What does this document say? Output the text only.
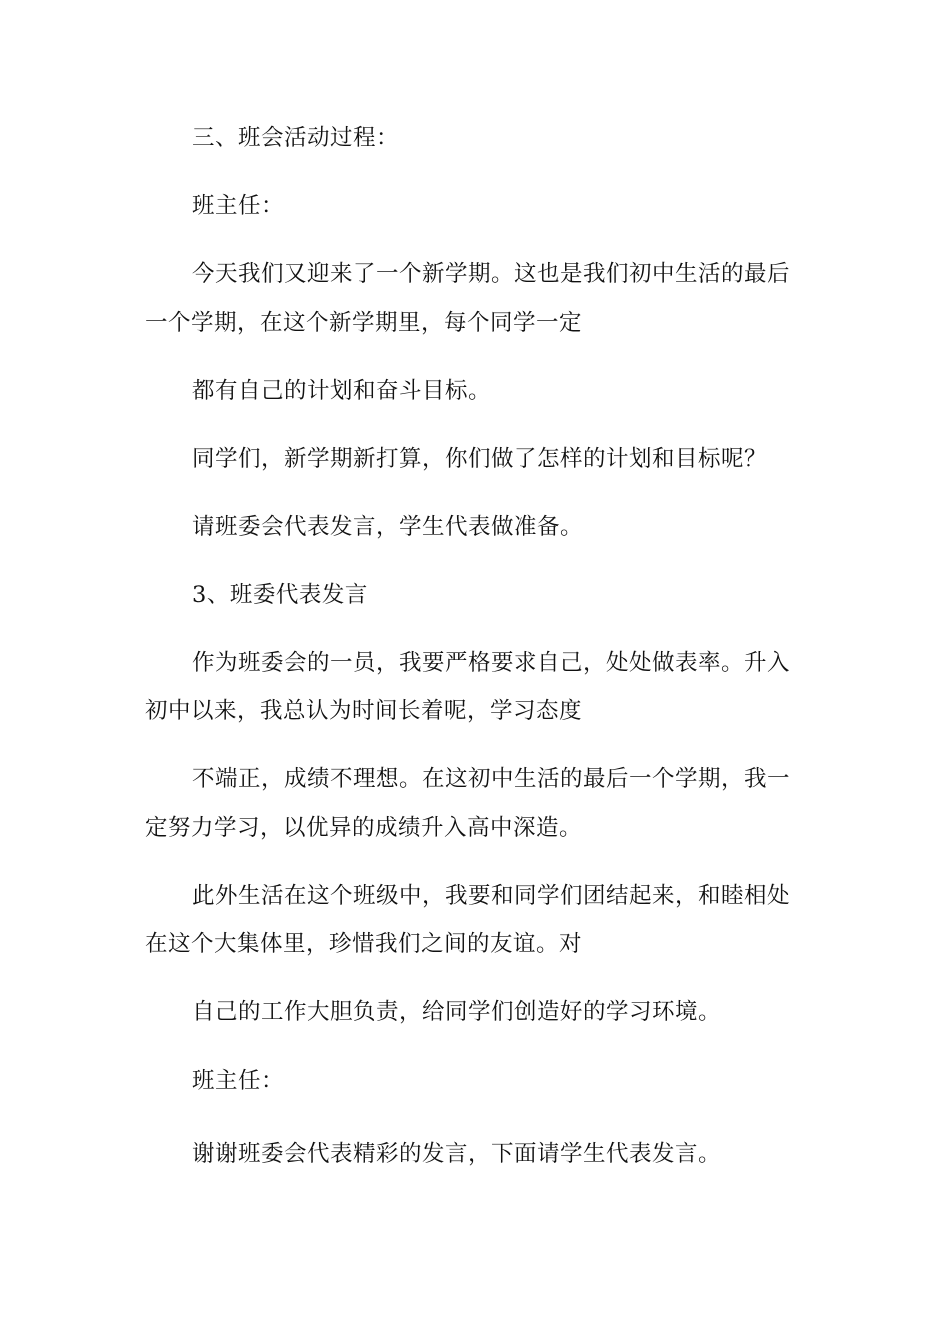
三、班会活动过程：
班主任：
今天我们又迎来了一个新学期。这也是我们初中生活的最后
一个学期，在这个新学期里，每个同学一定
都有自己的计划和奋斗目标。
同学们，新学期新打算，你们做了怎样的计划和目标呢？
请班委会代表发言，学生代表做准备。
3、班委代表发言
作为班委会的一员，我要严格要求自己，处处做表率。升入
初中以来，我总认为时间长着呢，学习态度
不端正，成绩不理想。在这初中生活的最后一个学期，我一
定努力学习，以优异的成绩升入高中深造。
此外生活在这个班级中，我要和同学们团结起来，和睦相处
在这个大集体里，珍惜我们之间的友谊。对
自己的工作大胆负责，给同学们创造好的学习环境。
班主任：
谢谢班委会代表精彩的发言，下面请学生代表发言。
